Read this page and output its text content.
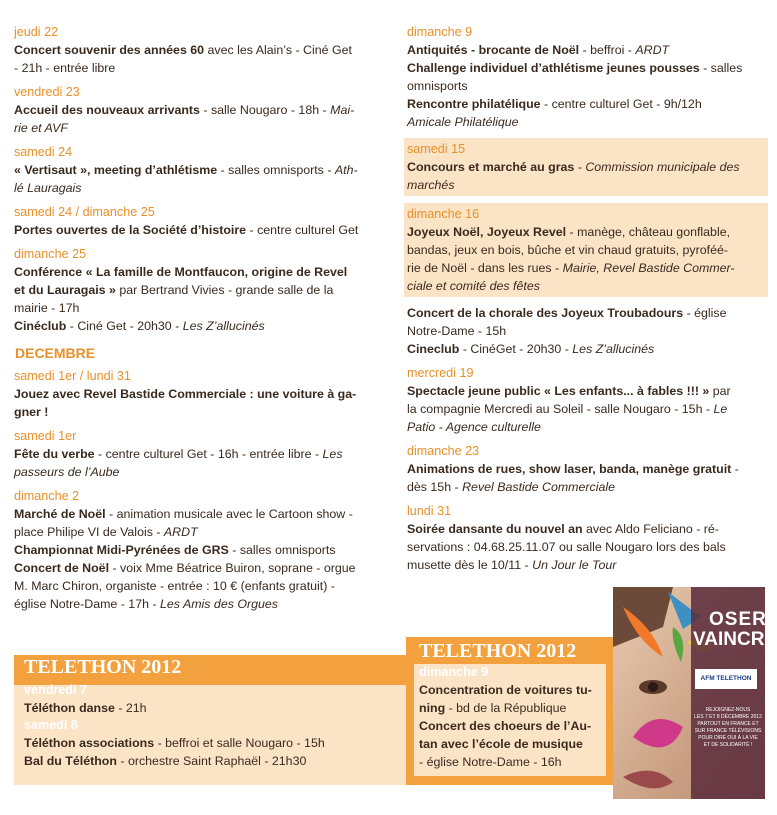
jeudi 22
Concert souvenir des années 60 avec les Alain’s - Ciné Get
- 21h - entrée libre
vendredi 23
Accueil des nouveaux arrivants - salle Nougaro - 18h - Mai-
rie et AVF
samedi 24
« Vertisaut », meeting d’athlétisme - salles omnisports - Ath-
lé Lauragais
samedi 24 / dimanche 25
Portes ouvertes de la Société d’histoire - centre culturel Get
dimanche 25
Conférence « La famille de Montfaucon, origine de Revel
et du Lauragais » par Bertrand Vivies - grande salle de la
mairie - 17h
Cinéclub - Ciné Get - 20h30 - Les Z’allucinés
DECEMBRE
samedi 1er / lundi 31
Jouez avec Revel Bastide Commerciale : une voiture à ga-
gner !
samedi 1er
Fête du verbe - centre culturel Get - 16h - entrée libre - Les
passeurs de l’Aube
dimanche 2
Marché de Noël - animation musicale avec le Cartoon show -
place Philipe VI de Valois - ARDT
Championnat Midi-Pyrénées de GRS - salles omnisports
Concert de Noël - voix Mme Béatrice Buiron, soprane - orgue
M. Marc Chiron, organiste - entrée : 10 € (enfants gratuit) -
église Notre-Dame - 17h - Les Amis des Orgues
dimanche 9
Antiquités - brocante de Noël - beffroi - ARDT
Challenge individuel d’athlétisme jeunes pousses - salles
omnisports
Rencontre philatélique - centre culturel Get - 9h/12h
Amicale Philatélique
samedi 15
Concours et marché au gras - Commission municipale des
marchés
dimanche 16
Joyeux Noël, Joyeux Revel - manège, château gonflable,
bandas, jeux en bois, bûche et vin chaud gratuits, pyroféé-
rie de Noël - dans les rues - Mairie, Revel Bastide Commer-
ciale et comité des fêtes
Concert de la chorale des Joyeux Troubadours - église
Notre-Dame - 15h
Cineclub - CinéGet - 20h30 - Les Z’allucinés
mercredi 19
Spectacle jeune public « Les enfants... à fables !!! » par
la compagnie Mercredi au Soleil - salle Nougaro - 15h - Le
Patio - Agence culturelle
dimanche 23
Animations de rues, show laser, banda, manège gratuit -
dès 15h - Revel Bastide Commerciale
lundi 31
Soirée dansante du nouvel an avec Aldo Feliciano - ré-
servations : 04.68.25.11.07 ou salle Nougaro lors des bals
musette dès le 10/11 - Un Jour le Tour
TELETHON 2012
vendredi 7
Téléthon danse - 21h
samedi 8
Téléthon associations - beffroi et salle Nougaro - 15h
Bal du Téléthon - orchestre Saint Raphaël - 21h30
TELETHON 2012
dimanche 9
Concentration de voitures tu-
ning - bd de la République
Concert des choeurs de l’Au-
tan avec l’école de musique
- église Notre-Dame - 16h
OSER
VAINCRE
AFM TELETHON
REJOIGNEZ-NOUS
LES 7 ET 8 DÉCEMBRE 2012
PARTOUT EN FRANCE ET
SUR FRANCE TÉLÉVISIONS
POUR DIRE OUI À LA VIE
ET DE SOLIDARITÉ !
